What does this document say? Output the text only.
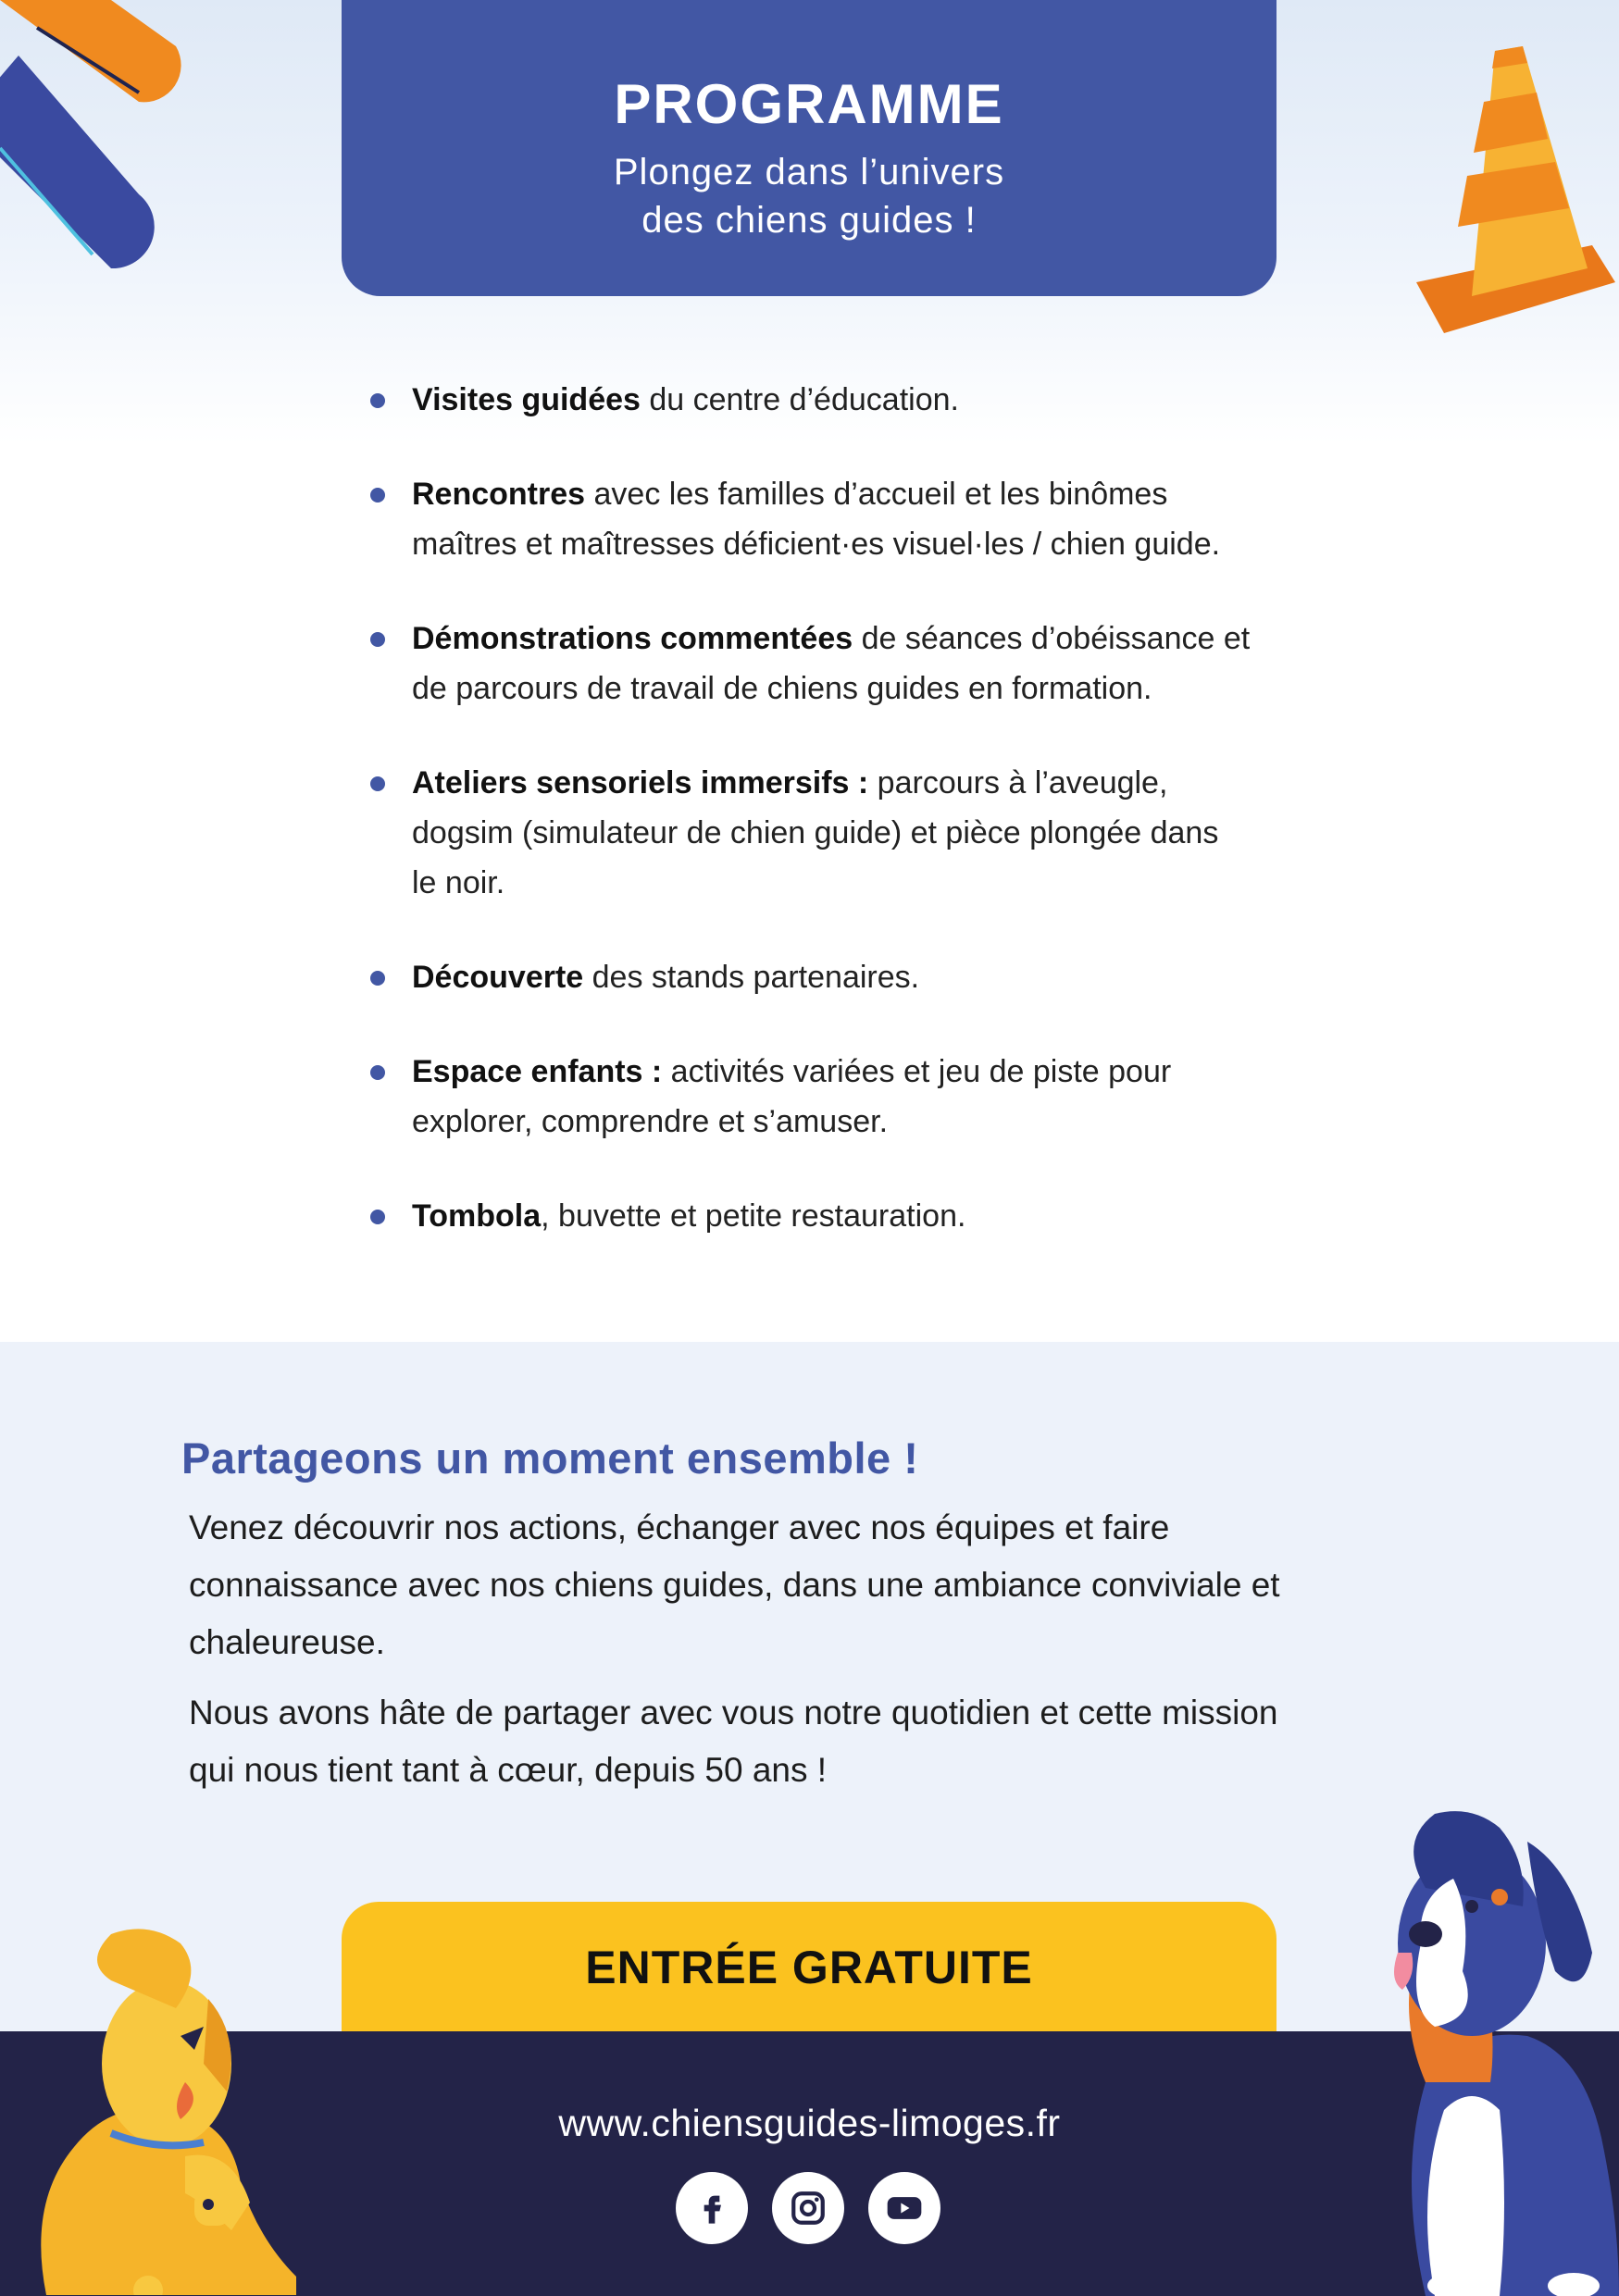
PROGRAMME
Plongez dans l’univers
des chiens guides !
Visites guidées du centre d’éducation.
Rencontres avec les familles d’accueil et les binômes
maîtres et maîtresses déficient·es visuel·les / chien guide.
Démonstrations commentées de séances d’obéissance et
de parcours de travail de chiens guides en formation.
Ateliers sensoriels immersifs : parcours à l’aveugle,
dogsim (simulateur de chien guide) et pièce plongée dans
le noir.
Découverte des stands partenaires.
Espace enfants : activités variées et jeu de piste pour
explorer, comprendre et s’amuser.
Tombola, buvette et petite restauration.
Partageons un moment ensemble !

Venez découvrir nos actions, échanger avec nos équipes et faire
connaissance avec nos chiens guides, dans une ambiance conviviale et
chaleureuse.

Nous avons hâte de partager avec vous notre quotidien et cette mission
qui nous tient tant à cœur, depuis 50 ans !

ENTRÉE GRATUITE
www.chiensguides-limoges.fr
